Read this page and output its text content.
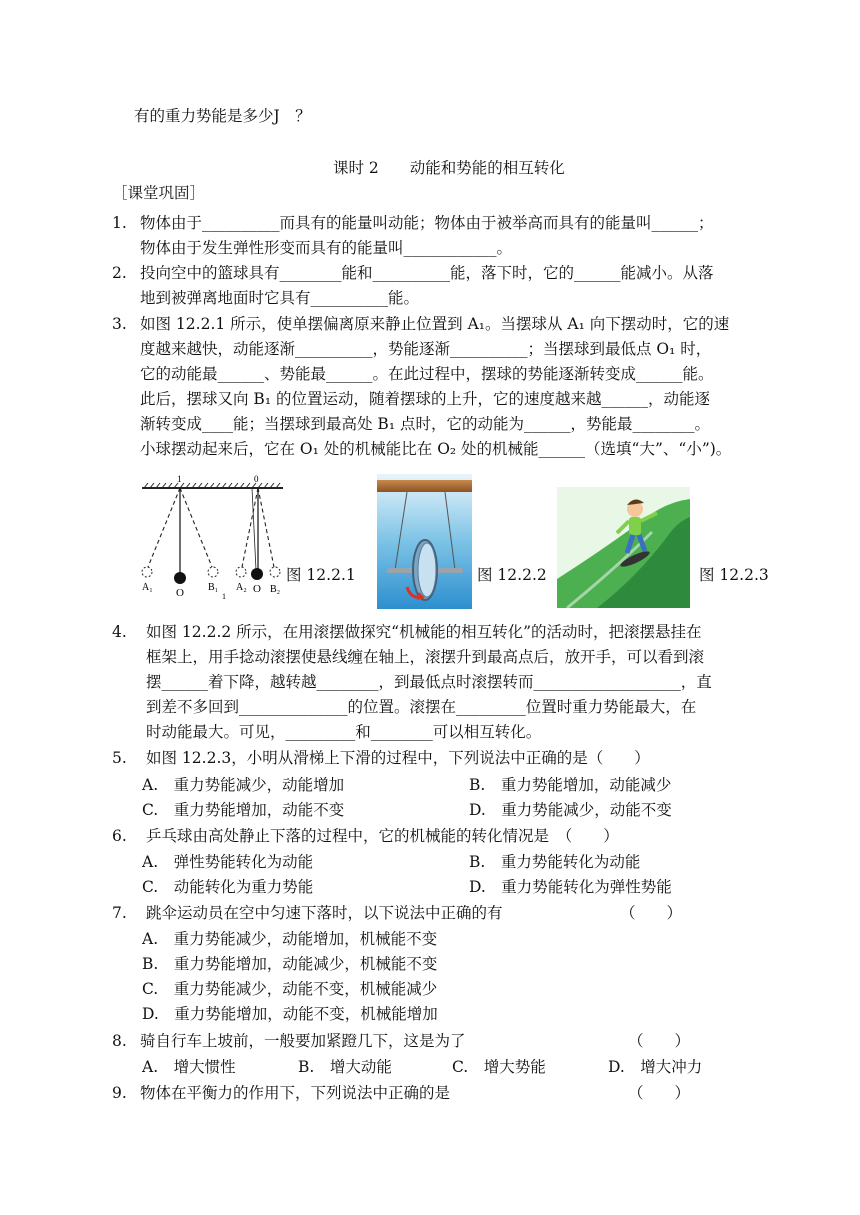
有的重力势能是多少J　？
课时 2　　动能和势能的相互转化
［课堂巩固］
1. 物体由于__________而具有的能量叫动能；物体由于被举高而具有的能量叫______；
物体由于发生弹性形变而具有的能量叫____________。
2. 投向空中的篮球具有________能和__________能，落下时，它的______能减小。从落
地到被弹离地面时它具有__________能。
3. 如图 12.2.1 所示，使单摆偏离原来静止位置到 A₁。当摆球从 A₁ 向下摆动时，它的速
度越来越快，动能逐渐__________，势能逐渐__________；当摆球到最低点 O₁ 时，
它的动能最______、势能最______。在此过程中，摆球的势能逐渐转变成______能。
此后，摆球又向 B₁ 的位置运动，随着摆球的上升，它的速度越来越______，动能逐
渐转变成____能；当摆球到最高处 B₁ 点时，它的动能为______，势能最________。
小球摆动起来后，它在 O₁ 处的机械能比在 O₂ 处的机械能______（选填“大”、“小”)。
1	0
A₁ O B₁
1
A₂ O B₂
图 12.2.1	图 12.2.2	图 12.2.3
4. 如图 12.2.2 所示，在用滚摆做探究“机械能的相互转化”的活动时，把滚摆悬挂在
框架上，用手捻动滚摆使悬线缠在轴上，滚摆升到最高点后，放开手，可以看到滚
摆______着下降，越转越________，到最低点时滚摆转而___________________，直
到差不多回到______________的位置。滚摆在_________位置时重力势能最大，在
时动能最大。可见，_________和________可以相互转化。
5. 如图 12.2.3，小明从滑梯上下滑的过程中，下列说法中正确的是（　　）
A.　重力势能减少，动能增加	B.　重力势能增加，动能减少
C.　重力势能增加，动能不变	D.　重力势能减少，动能不变
6. 乒乓球由高处静止下落的过程中，它的机械能的转化情况是　（　　）
A.　弹性势能转化为动能	B.　重力势能转化为动能
C.　动能转化为重力势能	D.　重力势能转化为弹性势能
7. 跳伞运动员在空中匀速下落时，以下说法中正确的有	（　　）
A.　重力势能减少，动能增加，机械能不变
B.　重力势能增加，动能减少，机械能不变
C.　重力势能减少，动能不变，机械能减少
D.　重力势能增加，动能不变，机械能增加
8. 骑自行车上坡前，一般要加紧蹬几下，这是为了	（　　）
A.　增大惯性	B.　增大动能	C.　增大势能	D.　增大冲力
9. 物体在平衡力的作用下，下列说法中正确的是	（　　）
